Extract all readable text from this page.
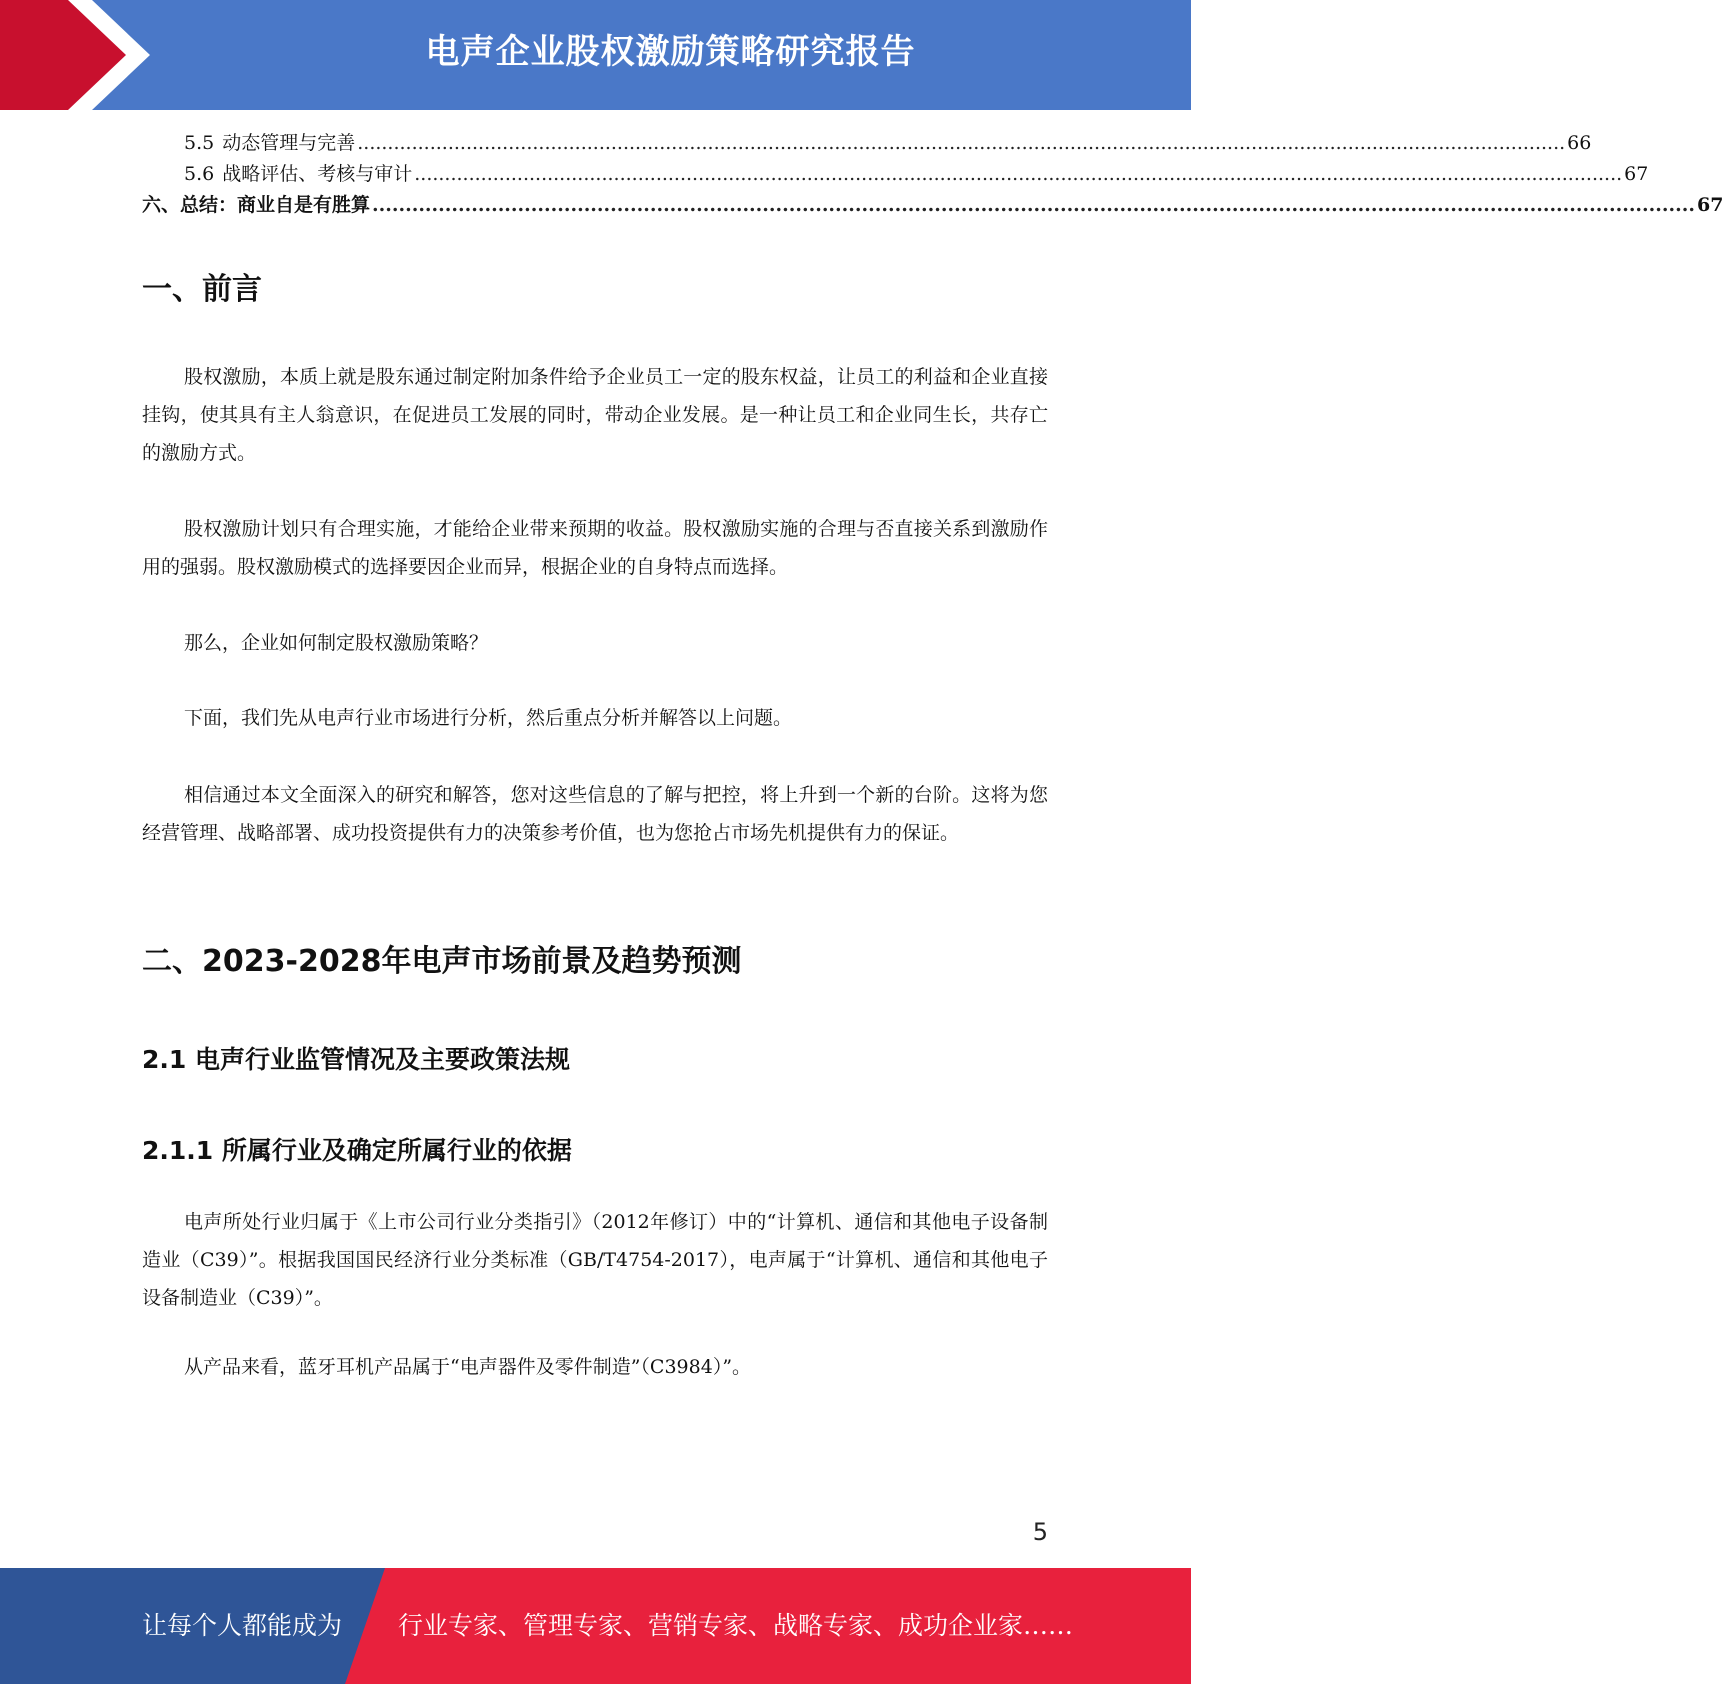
电声企业股权激励策略研究报告
5.5 动态管理与完善 ........................................................................................................................................................................................................ 66
5.6 战略评估、考核与审计 ........................................................................................................................................................................................................ 67
六、总结：商业自是有胜算 ........................................................................................................................................................................................................ 67
一、前言

股权激励，本质上就是股东通过制定附加条件给予企业员工一定的股东权益，让员工的利益和企业直接挂钩，使其具有主人翁意识，在促进员工发展的同时，带动企业发展。是一种让员工和企业同生长，共存亡的激励方式。

股权激励计划只有合理实施，才能给企业带来预期的收益。股权激励实施的合理与否直接关系到激励作用的强弱。股权激励模式的选择要因企业而异，根据企业的自身特点而选择。

那么，企业如何制定股权激励策略？

下面，我们先从电声行业市场进行分析，然后重点分析并解答以上问题。

相信通过本文全面深入的研究和解答，您对这些信息的了解与把控，将上升到一个新的台阶。这将为您经营管理、战略部署、成功投资提供有力的决策参考价值，也为您抢占市场先机提供有力的保证。

二、2023-2028年电声市场前景及趋势预测
2.1 电声行业监管情况及主要政策法规
2.1.1 所属行业及确定所属行业的依据

电声所处行业归属于《上市公司行业分类指引》（2012年修订）中的“计算机、通信和其他电子设备制造业（C39）”。根据我国国民经济行业分类标准（GB/T4754-2017），电声属于“计算机、通信和其他电子设备制造业（C39）”。

从产品来看，蓝牙耳机产品属于“电声器件及零件制造”（C3984）”。

5
让每个人都能成为 行业专家、管理专家、营销专家、战略专家、成功企业家……
